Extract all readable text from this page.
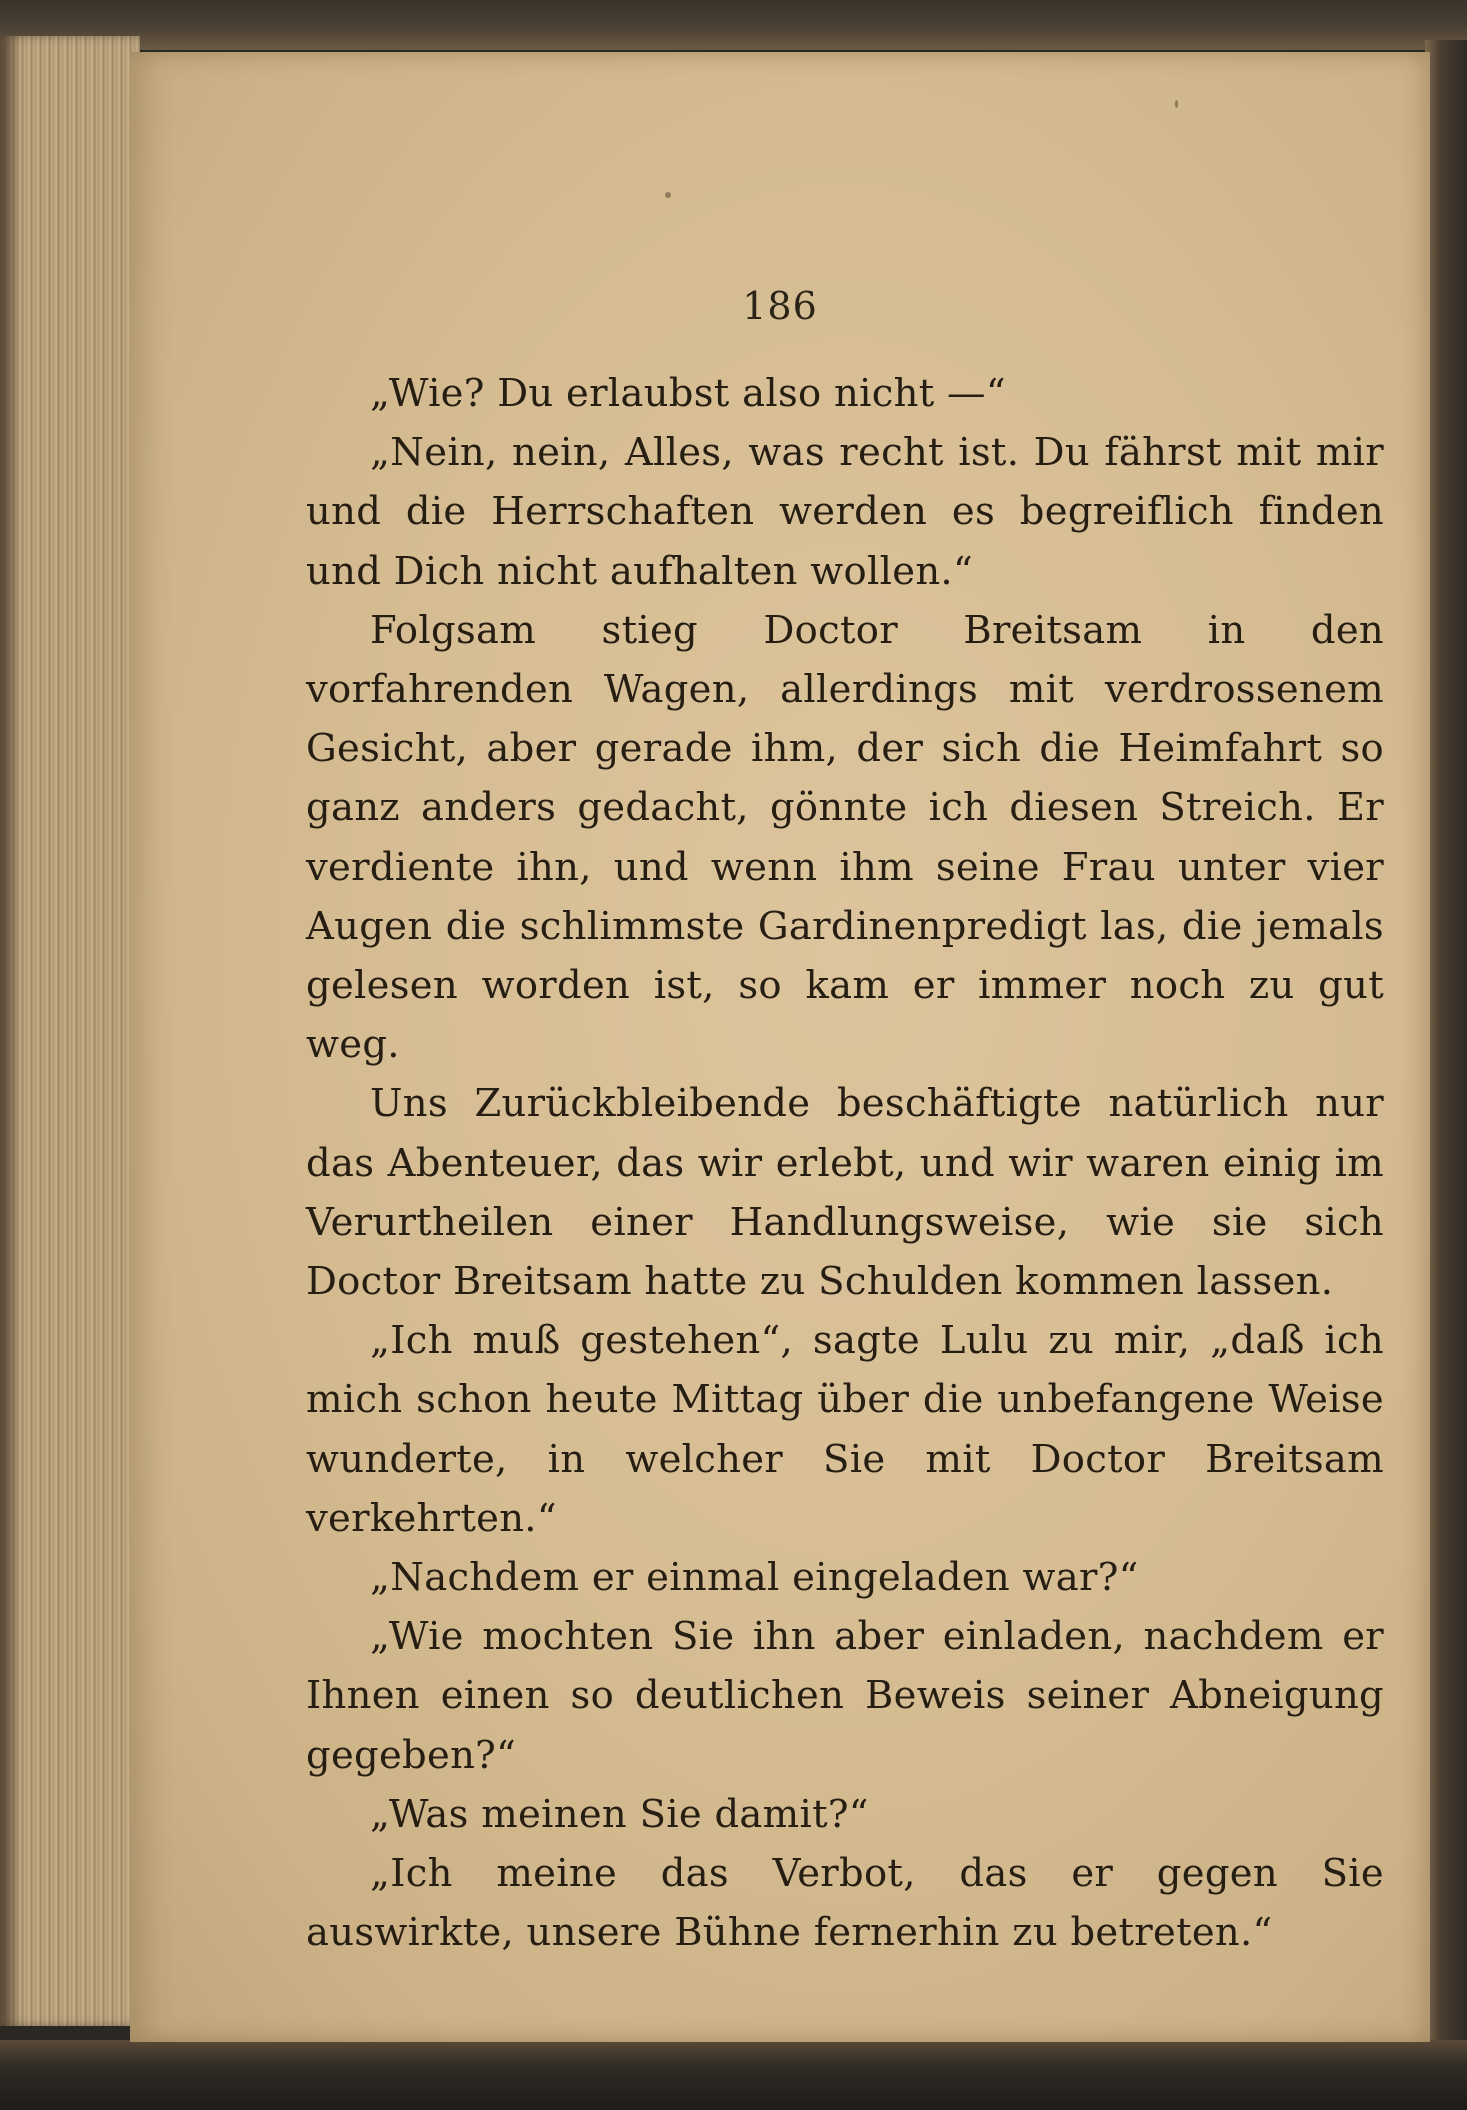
186

„Wie? Du erlaubst also nicht —“

„Nein, nein, Alles, was recht ist. Du fährst mit mir und die Herrschaften werden es begreiflich finden und Dich nicht aufhalten wollen.“

Folgsam stieg Doctor Breitsam in den vorfahrenden Wagen, allerdings mit verdrossenem Gesicht, aber gerade ihm, der sich die Heimfahrt so ganz anders gedacht, gönnte ich diesen Streich. Er verdiente ihn, und wenn ihm seine Frau unter vier Augen die schlimmste Gardinenpredigt las, die jemals gelesen worden ist, so kam er immer noch zu gut weg.

Uns Zurückbleibende beschäftigte natürlich nur das Abenteuer, das wir erlebt, und wir waren einig im Verurtheilen einer Handlungsweise, wie sie sich Doctor Breitsam hatte zu Schulden kommen lassen.

„Ich muß gestehen“, sagte Lulu zu mir, „daß ich mich schon heute Mittag über die unbefangene Weise wunderte, in welcher Sie mit Doctor Breitsam verkehrten.“

„Nachdem er einmal eingeladen war?“

„Wie mochten Sie ihn aber einladen, nachdem er Ihnen einen so deutlichen Beweis seiner Abneigung gegeben?“

„Was meinen Sie damit?“

„Ich meine das Verbot, das er gegen Sie auswirkte, unsere Bühne fernerhin zu betreten.“
